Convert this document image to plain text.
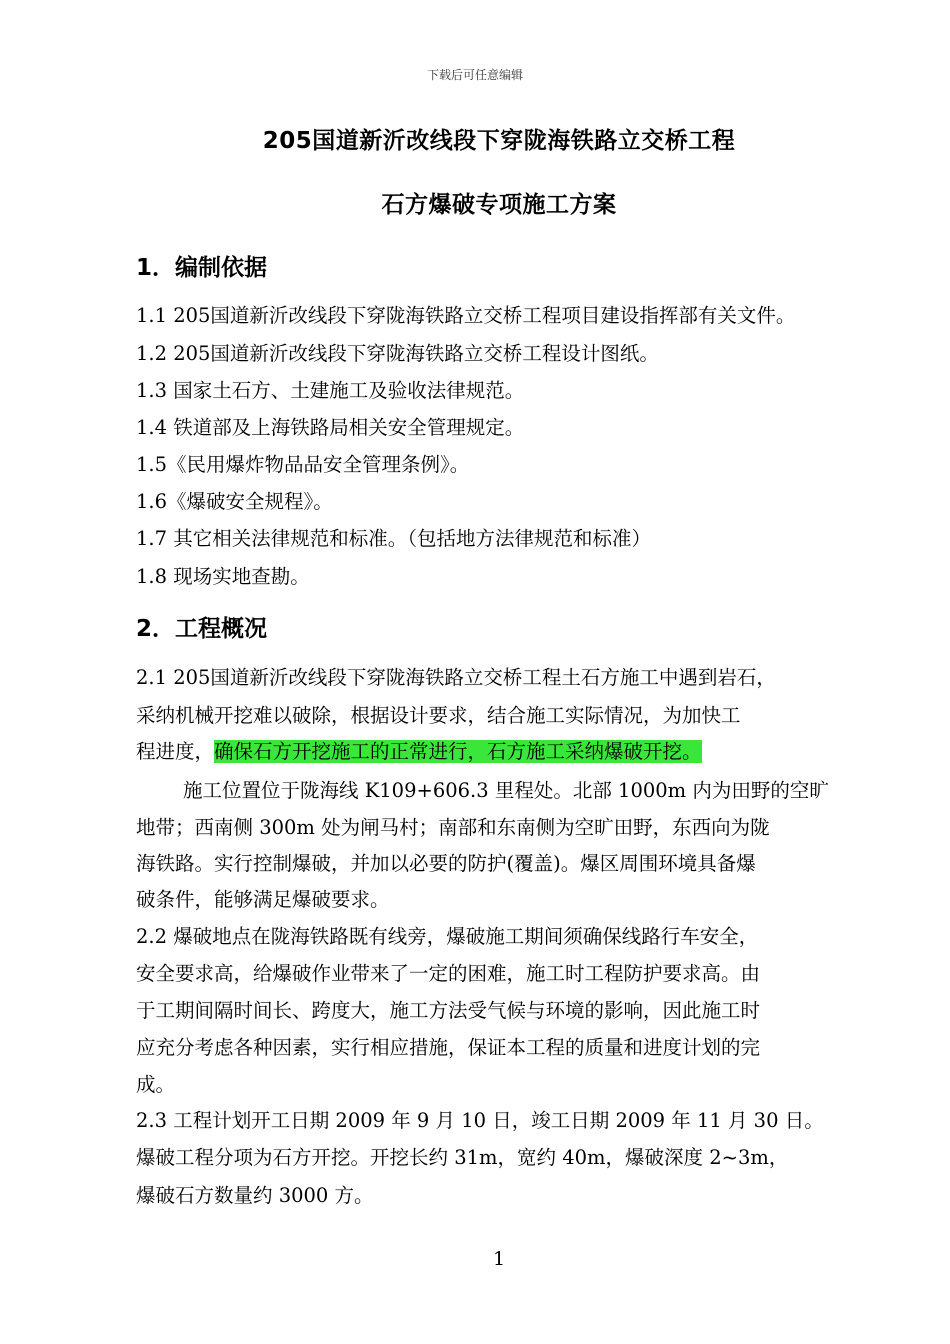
下载后可任意编辑
205国道新沂改线段下穿陇海铁路立交桥工程
石方爆破专项施工方案
1．编制依据
1.1 205国道新沂改线段下穿陇海铁路立交桥工程项目建设指挥部有关文件。
1.2 205国道新沂改线段下穿陇海铁路立交桥工程设计图纸。
1.3 国家土石方、土建施工及验收法律规范。
1.4 铁道部及上海铁路局相关安全管理规定。
1.5《民用爆炸物品品安全管理条例》。
1.6《爆破安全规程》。
1.7 其它相关法律规范和标准。（包括地方法律规范和标准）
1.8 现场实地查勘。
2．工程概况
2.1 205国道新沂改线段下穿陇海铁路立交桥工程土石方施工中遇到岩石，
采纳机械开挖难以破除，根据设计要求，结合施工实际情况，为加快工
程进度，确保石方开挖施工的正常进行，石方施工采纳爆破开挖。
施工位置位于陇海线 K109+606.3 里程处。北部 1000m 内为田野的空旷
地带；西南侧 300m 处为闸马村；南部和东南侧为空旷田野，东西向为陇
海铁路。实行控制爆破，并加以必要的防护(覆盖)。爆区周围环境具备爆
破条件，能够满足爆破要求。
2.2 爆破地点在陇海铁路既有线旁，爆破施工期间须确保线路行车安全，
安全要求高，给爆破作业带来了一定的困难，施工时工程防护要求高。由
于工期间隔时间长、跨度大，施工方法受气候与环境的影响，因此施工时
应充分考虑各种因素，实行相应措施，保证本工程的质量和进度计划的完
成。
2.3 工程计划开工日期 2009 年 9 月 10 日，竣工日期 2009 年 11 月 30 日。
爆破工程分项为石方开挖。开挖长约 31m，宽约 40m，爆破深度 2~3m，
爆破石方数量约 3000 方。
1
